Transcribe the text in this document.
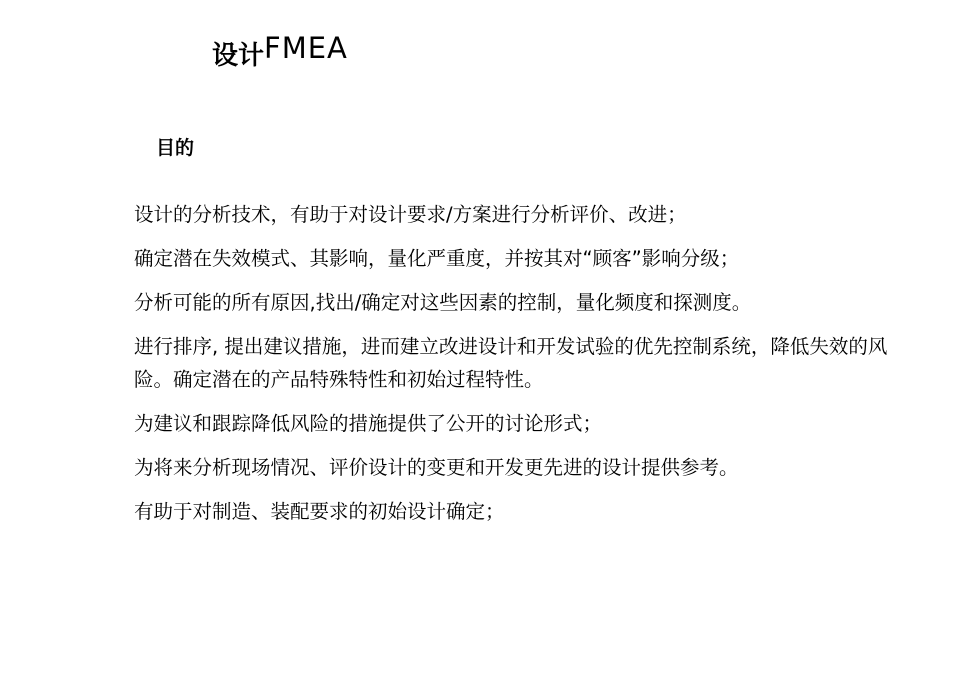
设计FMEA
目的
设计的分析技术，有助于对设计要求/方案进行分析评价、改进；
确定潜在失效模式、其影响，量化严重度，并按其对“顾客”影响分级；
分析可能的所有原因,找出/确定对这些因素的控制，量化频度和探测度。
进行排序, 提出建议措施，进而建立改进设计和开发试验的优先控制系统，降低失效的风险。确定潜在的产品特殊特性和初始过程特性。
为建议和跟踪降低风险的措施提供了公开的讨论形式；
为将来分析现场情况、评价设计的变更和开发更先进的设计提供参考。
有助于对制造、装配要求的初始设计确定；
